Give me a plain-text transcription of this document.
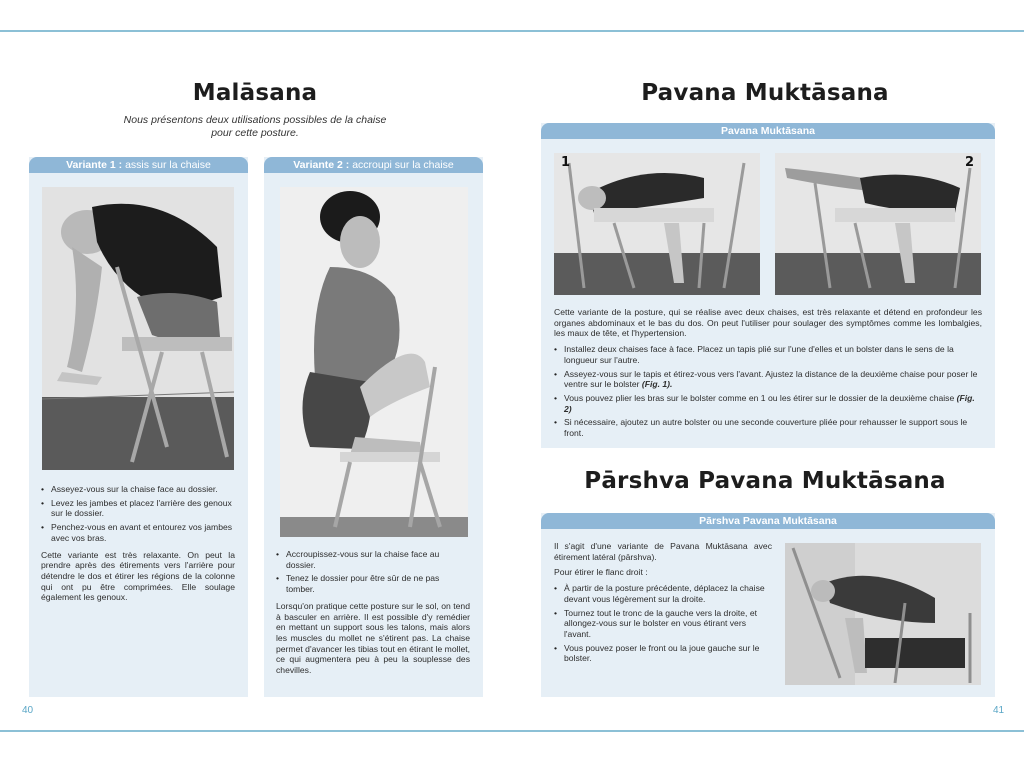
Malāsana
Nous présentons deux utilisations possibles de la chaise pour cette posture.
Variante 1 : assis sur la chaise
• Asseyez-vous sur la chaise face au dossier.
• Levez les jambes et placez l'arrière des genoux sur le dossier.
• Penchez-vous en avant et entourez vos jambes avec vos bras.

Cette variante est très relaxante. On peut la prendre après des étirements vers l'arrière pour détendre le dos et étirer les régions de la colonne qui ont pu être comprimées. Elle soulage également les genoux.

Variante 2 : accroupi sur la chaise
• Accroupissez-vous sur la chaise face au dossier.
• Tenez le dossier pour être sûr de ne pas tomber.

Lorsqu'on pratique cette posture sur le sol, on tend à basculer en arrière. Il est possible d'y remédier en mettant un support sous les talons, mais alors les muscles du mollet ne s'étirent pas. La chaise permet d'avancer les tibias tout en étirant le mollet, ce qui augmentera peu à peu la souplesse des chevilles.

40
Pavana Muktāsana
Pavana Muktāsana
1	2

Cette variante de la posture, qui se réalise avec deux chaises, est très relaxante et détend en profondeur les organes abdominaux et le bas du dos. On peut l'utiliser pour soulager des symptômes comme les lombalgies, les maux de tête, et l'hypertension.

• Installez deux chaises face à face. Placez un tapis plié sur l'une d'elles et un bolster dans le sens de la longueur sur l'autre.
• Asseyez-vous sur le tapis et étirez-vous vers l'avant. Ajustez la distance de la deuxième chaise pour poser le ventre sur le bolster (Fig. 1).
• Vous pouvez plier les bras sur le bolster comme en 1 ou les étirer sur le dossier de la deuxième chaise (Fig. 2)
• Si nécessaire, ajoutez un autre bolster ou une seconde couverture pliée pour rehausser le support sous le front.
Pārshva Pavana Muktāsana
Pārshva Pavana Muktāsana

Il s'agit d'une variante de Pavana Muktāsana avec étirement latéral (pārshva).

Pour étirer le flanc droit :

• À partir de la posture précédente, déplacez la chaise devant vous légèrement sur la droite.
• Tournez tout le tronc de la gauche vers la droite, et allongez-vous sur le bolster en vous étirant vers l'avant.
• Vous pouvez poser le front ou la joue gauche sur le bolster.
41
